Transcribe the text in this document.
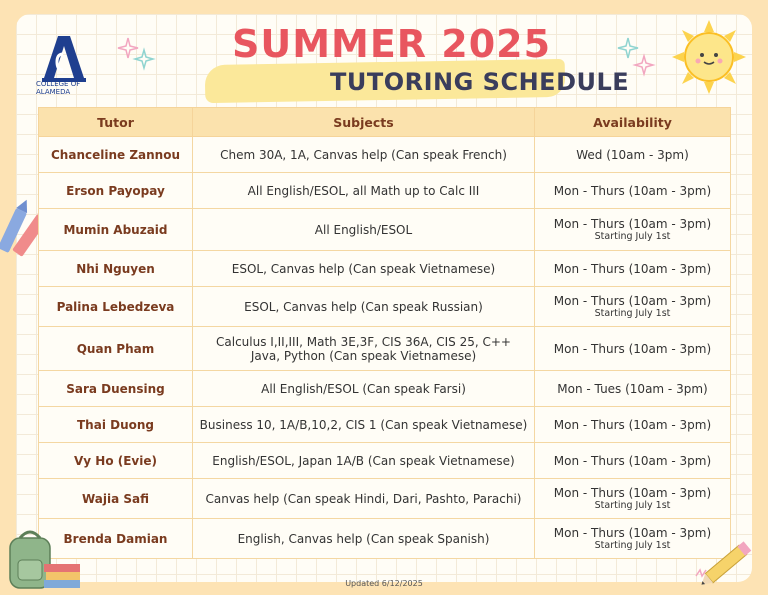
COLLEGE OF ALAMEDA
SUMMER 2025
TUTORING SCHEDULE
Tutor	Subjects	Availability
Chanceline Zannou	Chem 30A, 1A, Canvas help (Can speak French)	Wed (10am - 3pm)
Erson Payopay	All English/ESOL, all Math up to Calc III	Mon - Thurs (10am - 3pm)
Mumin Abuzaid	All English/ESOL	Mon - Thurs (10am - 3pm)
Starting July 1st

Nhi Nguyen	ESOL, Canvas help (Can speak Vietnamese)	Mon - Thurs (10am - 3pm)
Palina Lebedzeva	ESOL, Canvas help (Can speak Russian)	Mon - Thurs (10am - 3pm)
Starting July 1st

Quan Pham	Calculus I,II,III, Math 3E,3F, CIS 36A, CIS 25, C++
Java, Python (Can speak Vietnamese)	Mon - Thurs (10am - 3pm)
Sara Duensing	All English/ESOL (Can speak Farsi)	Mon - Tues (10am - 3pm)
Thai Duong	Business 10, 1A/B,10,2, CIS 1 (Can speak Vietnamese)	Mon - Thurs (10am - 3pm)
Vy Ho (Evie)	English/ESOL, Japan 1A/B (Can speak Vietnamese)	Mon - Thurs (10am - 3pm)
Wajia Safi	Canvas help (Can speak Hindi, Dari, Pashto, Parachi)	Mon - Thurs (10am - 3pm)
Starting July 1st

Brenda Damian	English, Canvas help (Can speak Spanish)	Mon - Thurs (10am - 3pm)
Starting July 1st
Updated 6/12/2025
